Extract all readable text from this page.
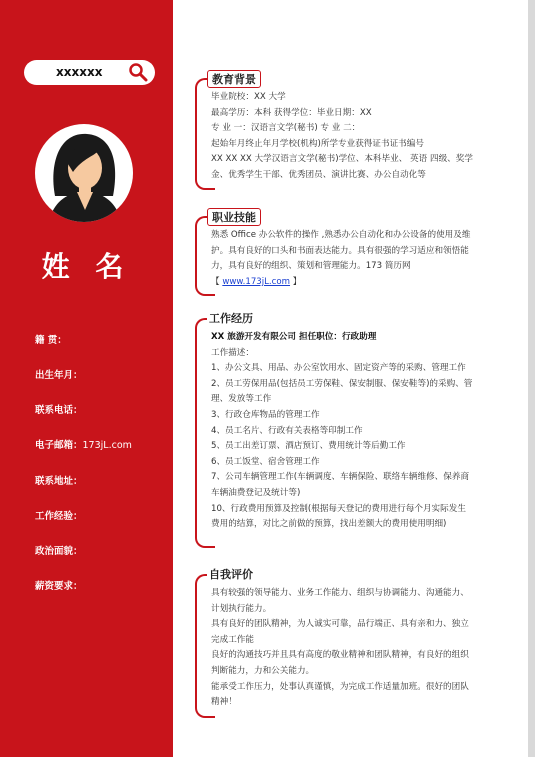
xxxxxx
姓 名
籍 贯：
出生年月：
联系电话：
电子邮箱：173jL.com
联系地址：
工作经验：
政治面貌：
薪资要求：
教育背景

毕业院校：XX 大学

最高学历：本科 获得学位：毕业日期：XX

专 业 一：汉语言文学(秘书) 专 业 二：

起始年月终止年月学校(机构)所学专业获得证书证书编号

XX XX XX 大学汉语言文学(秘书)学位、本科毕业、 英语 四级、奖学

金、优秀学生干部、优秀团员、演讲比赛、办公自动化等

职业技能

熟悉 Office 办公软件的操作 ,熟悉办公自动化和办公设备的使用及维

护。具有良好的口头和书面表达能力。具有很强的学习适应和领悟能

力，具有良好的组织、策划和管理能力。173 简历网

【 www.173jL.com 】

工作经历

XX 旅游开发有限公司 担任职位：行政助理

工作描述：

1、办公文具、用品、办公室饮用水、固定资产等的采购、管理工作

2、员工劳保用品(包括员工劳保鞋、保安制服、保安鞋等)的采购、管

理、发放等工作

3、行政仓库物品的管理工作

4、员工名片、行政有关表格等印制工作

5、员工出差订票、酒店预订、费用统计等后勤工作

6、员工饭堂、宿舍管理工作

7、公司车辆管理工作(车辆调度、车辆保险、联络车辆维修、保养商

车辆油费登记及统计等)

10、行政费用预算及控制(根据每天登记的费用进行每个月实际发生

费用的结算，对比之前做的预算，找出差额大的费用使用明细)

自我评价

具有较强的领导能力、业务工作能力、组织与协调能力、沟通能力、

计划执行能力。

具有良好的团队精神，为人诚实可靠，品行端正、具有亲和力、独立

完成工作能

良好的沟通技巧并且具有高度的敬业精神和团队精神，有良好的组织

判断能力，力和公关能力。

能承受工作压力，处事认真谨慎，为完成工作适量加班。很好的团队

精神！
